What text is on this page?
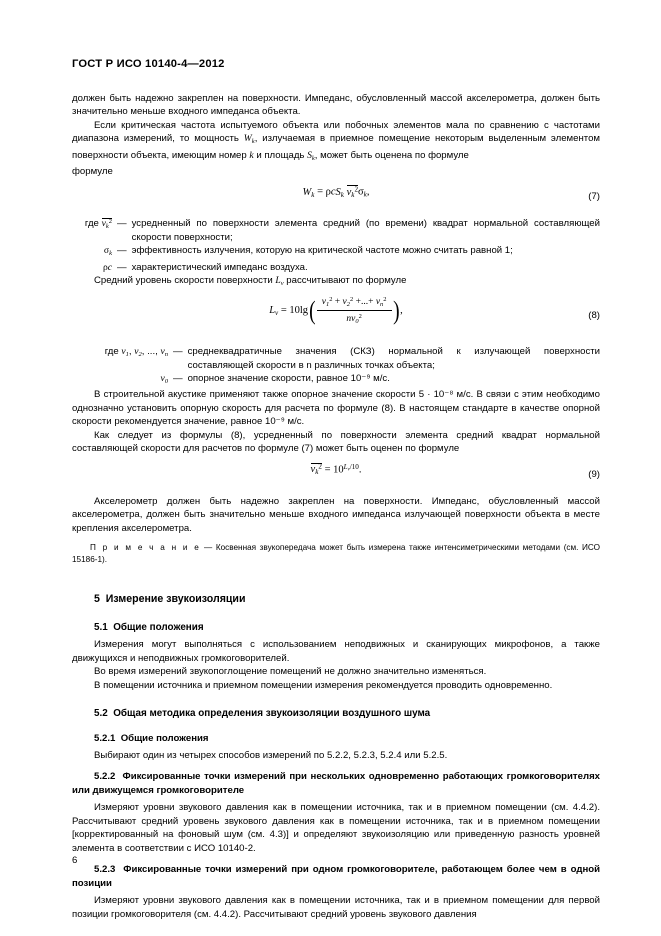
ГОСТ Р ИСО 10140-4—2012

должен быть надежно закреплен на поверхности. Импеданс, обусловленный массой акселерометра, должен быть значительно меньше входного импеданса объекта.

Если критическая частота испытуемого объекта или побочных элементов мала по сравнению с частотами диапазона измерений, то мощность $W_k$, излучаемая в приемное помещение некоторым выделенным элементом поверхности объекта, имеющим номер k и площадь $S_k$, может быть оценена по формуле

формуле

$W_k = \rho cS_k$ $v_k^2\sigma_k$,	(7)
где $v_k^2$ — усредненный по поверхности элемента средний (по времени) квадрат нормальной составляющей скорости поверхности;
$\sigma_k$ — эффективность излучения, которую на критической частоте можно считать равной 1;
ρc — характеристический импеданс воздуха.

Средний уровень скорости поверхности $L_v$ рассчитывают по формуле

$L_v = 10\lg( \frac{v_1^2 + v_2^2 +...+ v_n^2}{nv_0^2}$ ),	(8)
где $v_1$, $v_2$, ..., $v_n$ — среднеквадратичные значения (СКЗ) нормальной к излучающей поверхности составляющей скорости в n различных точках объекта;
$v_0$ — опорное значение скорости, равное 10⁻⁹ м/с.

В строительной акустике применяют также опорное значение скорости 5 · 10⁻⁸ м/с. В связи с этим необходимо однозначно установить опорную скорость для расчета по формуле (8). В настоящем стандарте в качестве опорной скорости рекомендуется значение, равное 10⁻⁹ м/с.

Как следует из формулы (8), усредненный по поверхности элемента средний квадрат нормальной составляющей скорости для расчетов по формуле (7) может быть оценен по формуле

$v_k^2 = 10^{L_v/10}$.	(9)

Акселерометр должен быть надежно закреплен на поверхности. Импеданс, обусловленный массой акселерометра, должен быть значительно меньше входного импеданса излучающей поверхности объекта в месте крепления акселерометра.

П р и м е ч а н и е — Косвенная звукопередача может быть измерена также интенсиметрическими методами (см. ИСО 15186-1).

5 Измерение звукоизоляции
5.1 Общие положения

Измерения могут выполняться с использованием неподвижных и сканирующих микрофонов, а также движущихся и неподвижных громкоговорителей.

Во время измерений звукопоглощение помещений не должно значительно изменяться.

В помещении источника и приемном помещении измерения рекомендуется проводить одновременно.

5.2 Общая методика определения звукоизоляции воздушного шума
5.2.1 Общие положения

Выбирают один из четырех способов измерений по 5.2.2, 5.2.3, 5.2.4 или 5.2.5.

5.2.2 Фиксированные точки измерений при нескольких одновременно работающих громкоговорителях или движущемся громкоговорителе

Измеряют уровни звукового давления как в помещении источника, так и в приемном помещении (см. 4.4.2). Рассчитывают средний уровень звукового давления как в помещении источника, так и в приемном помещении [корректированный на фоновый шум (см. 4.3)] и определяют звукоизоляцию или приведенную разность уровней элемента в соответствии с ИСО 10140-2.

5.2.3 Фиксированные точки измерений при одном громкоговорителе, работающем более чем в одной позиции

Измеряют уровни звукового давления как в помещении источника, так и в приемном помещении для первой позиции громкоговорителя (см. 4.4.2). Рассчитывают средний уровень звукового давления

6
